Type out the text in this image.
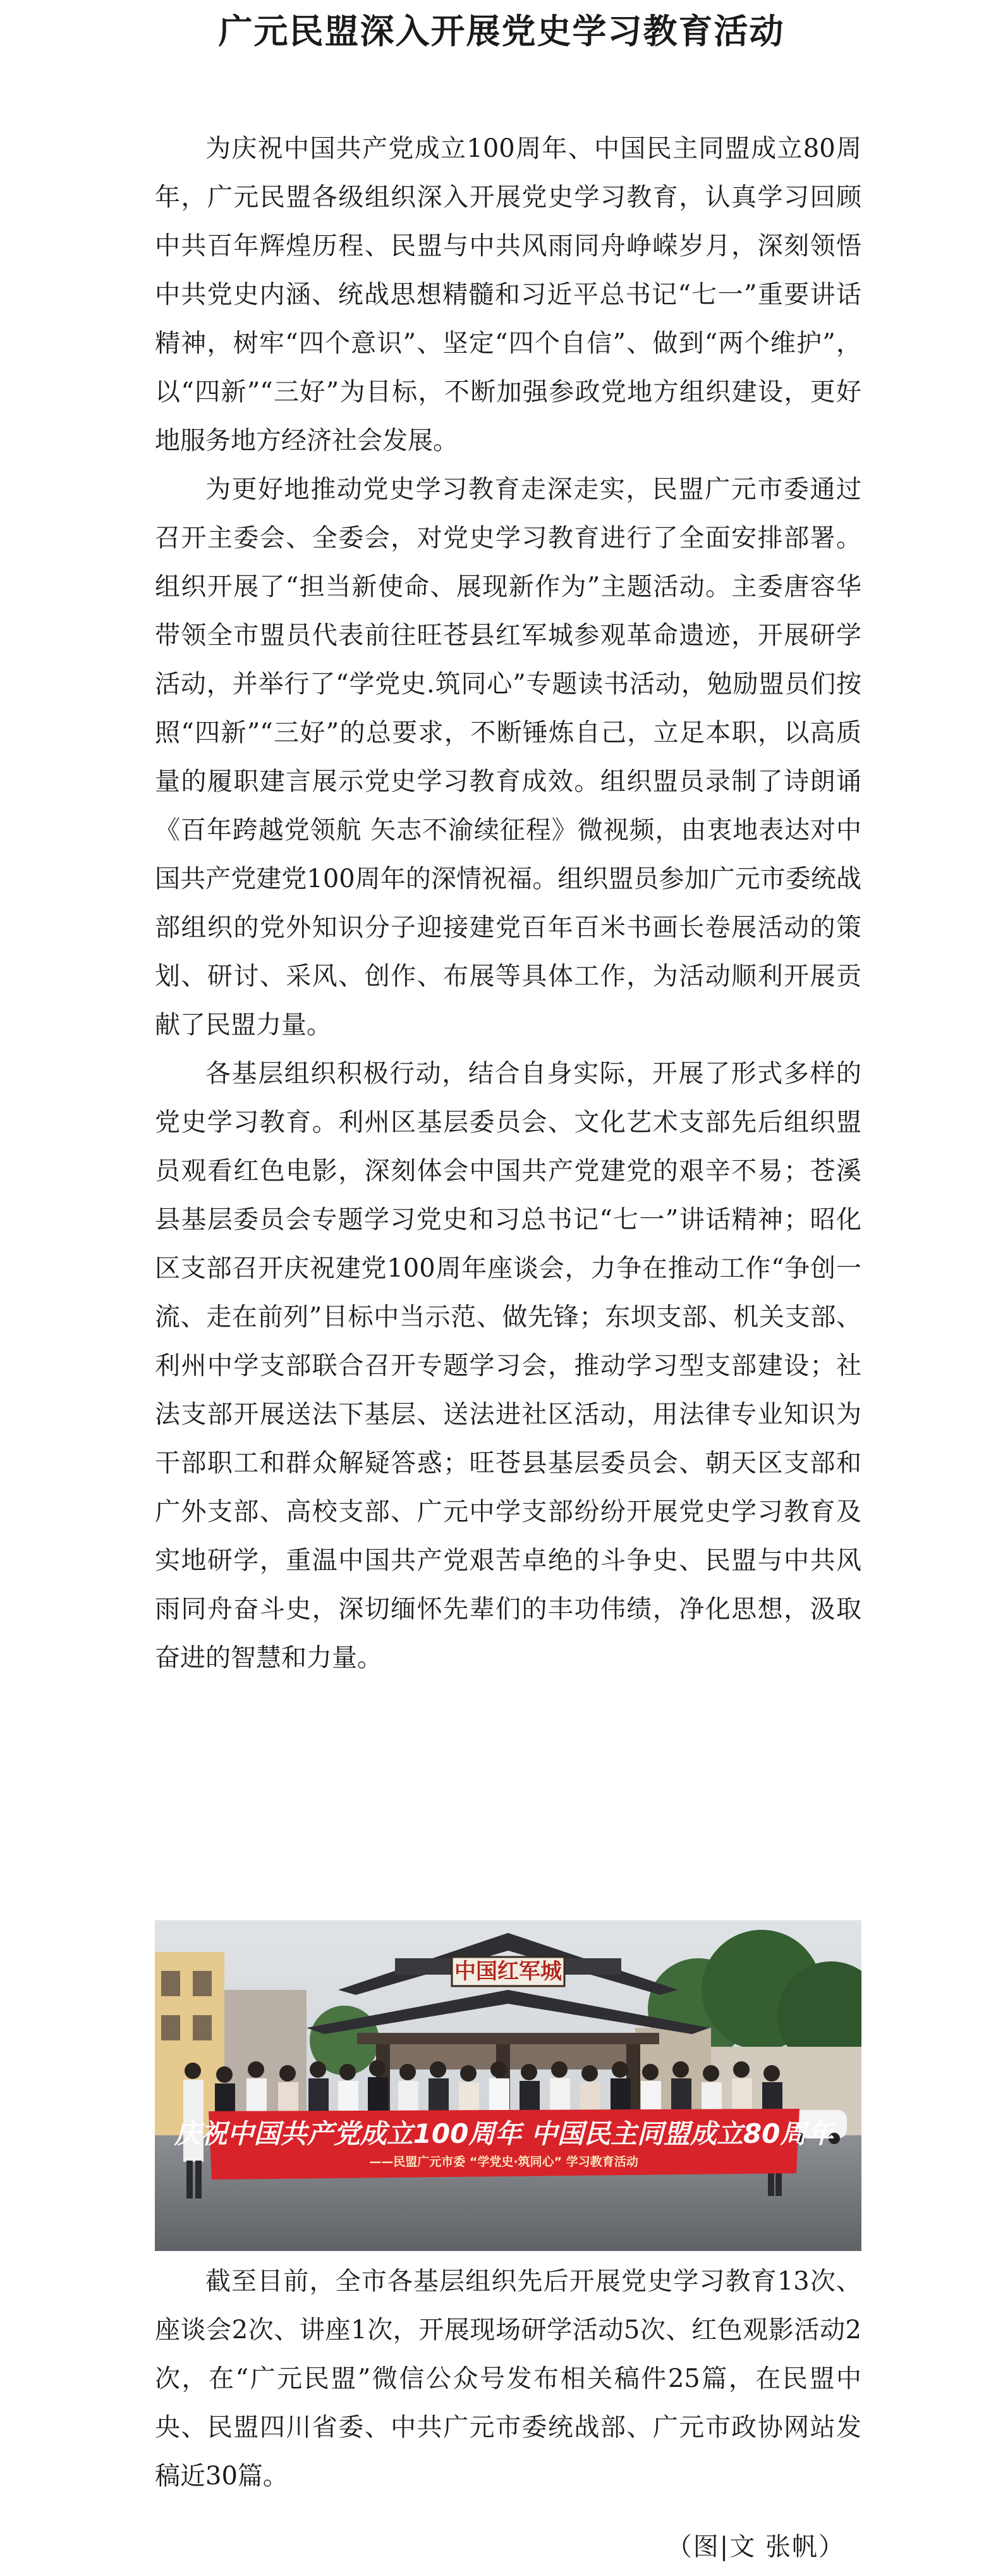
广元民盟深入开展党史学习教育活动

为庆祝中国共产党成立100周年、中国民主同盟成立80周年，广元民盟各级组织深入开展党史学习教育，认真学习回顾中共百年辉煌历程、民盟与中共风雨同舟峥嵘岁月，深刻领悟中共党史内涵、统战思想精髓和习近平总书记“七一”重要讲话精神，树牢“四个意识”、坚定“四个自信”、做到“两个维护”，以“四新”“三好”为目标，不断加强参政党地方组织建设，更好地服务地方经济社会发展。

为更好地推动党史学习教育走深走实，民盟广元市委通过召开主委会、全委会，对党史学习教育进行了全面安排部署。组织开展了“担当新使命、展现新作为”主题活动。主委唐容华带领全市盟员代表前往旺苍县红军城参观革命遗迹，开展研学活动，并举行了“学党史.筑同心”专题读书活动，勉励盟员们按照“四新”“三好”的总要求，不断锤炼自己，立足本职，以高质量的履职建言展示党史学习教育成效。组织盟员录制了诗朗诵《百年跨越党领航 矢志不渝续征程》微视频，由衷地表达对中国共产党建党100周年的深情祝福。组织盟员参加广元市委统战部组织的党外知识分子迎接建党百年百米书画长卷展活动的策划、研讨、采风、创作、布展等具体工作，为活动顺利开展贡献了民盟力量。

各基层组织积极行动，结合自身实际，开展了形式多样的党史学习教育。利州区基层委员会、文化艺术支部先后组织盟员观看红色电影，深刻体会中国共产党建党的艰辛不易；苍溪县基层委员会专题学习党史和习总书记“七一”讲话精神；昭化区支部召开庆祝建党100周年座谈会，力争在推动工作“争创一流、走在前列”目标中当示范、做先锋；东坝支部、机关支部、利州中学支部联合召开专题学习会，推动学习型支部建设；社法支部开展送法下基层、送法进社区活动，用法律专业知识为干部职工和群众解疑答惑；旺苍县基层委员会、朝天区支部和广外支部、高校支部、广元中学支部纷纷开展党史学习教育及实地研学，重温中国共产党艰苦卓绝的斗争史、民盟与中共风雨同舟奋斗史，深切缅怀先辈们的丰功伟绩，净化思想，汲取奋进的智慧和力量。

中国红军城
庆祝中国共产党成立100周年 中国民主同盟成立80周年
——民盟广元市委 “学党史·筑同心” 学习教育活动

截至目前，全市各基层组织先后开展党史学习教育13次、座谈会2次、讲座1次，开展现场研学活动5次、红色观影活动2次，在“广元民盟”微信公众号发布相关稿件25篇，在民盟中央、民盟四川省委、中共广元市委统战部、广元市政协网站发稿近30篇。

（图|文 张帆）
